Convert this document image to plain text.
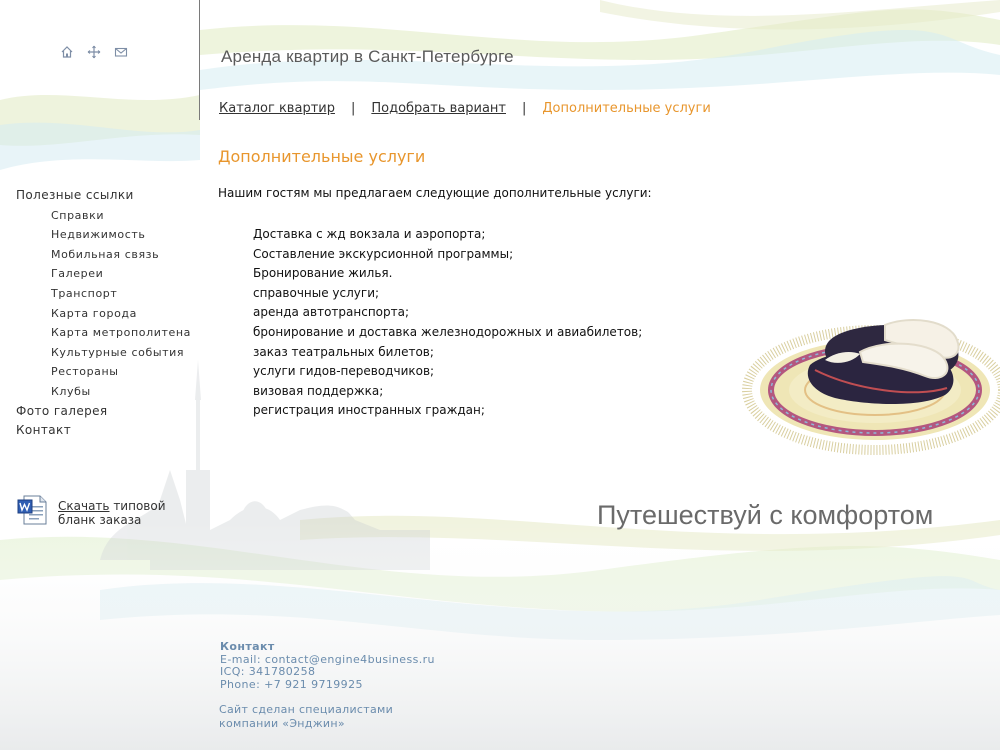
Аренда квартир в Санкт-Петербурге
Каталог квартир | Подобрать вариант | Дополнительные услуги
Дополнительные услуги

Нашим гостям мы предлагаем следующие дополнительные услуги:

Доставка с жд вокзала и аэропорта;
Составление экскурсионной программы;
Бронирование жилья.
справочные услуги;
аренда автотранспорта;
бронирование и доставка железнодорожных и авиабилетов;
заказ театральных билетов;
услуги гидов-переводчиков;
визовая поддержка;
регистрация иностранных граждан;
Полезные ссылки
Справки
Недвижимость
Мобильная связь
Галереи
Транспорт
Карта города
Карта метрополитена
Культурные события
Рестораны
Клубы
Фото галерея
Контакт
Скачать типовой бланк заказа	Путешествуй с комфортом
Контакт
E-mail: contact@engine4business.ru
ICQ: 341780258
Phone: +7 921 9719925
Сайт сделан специалистами
компании «Энджин»
